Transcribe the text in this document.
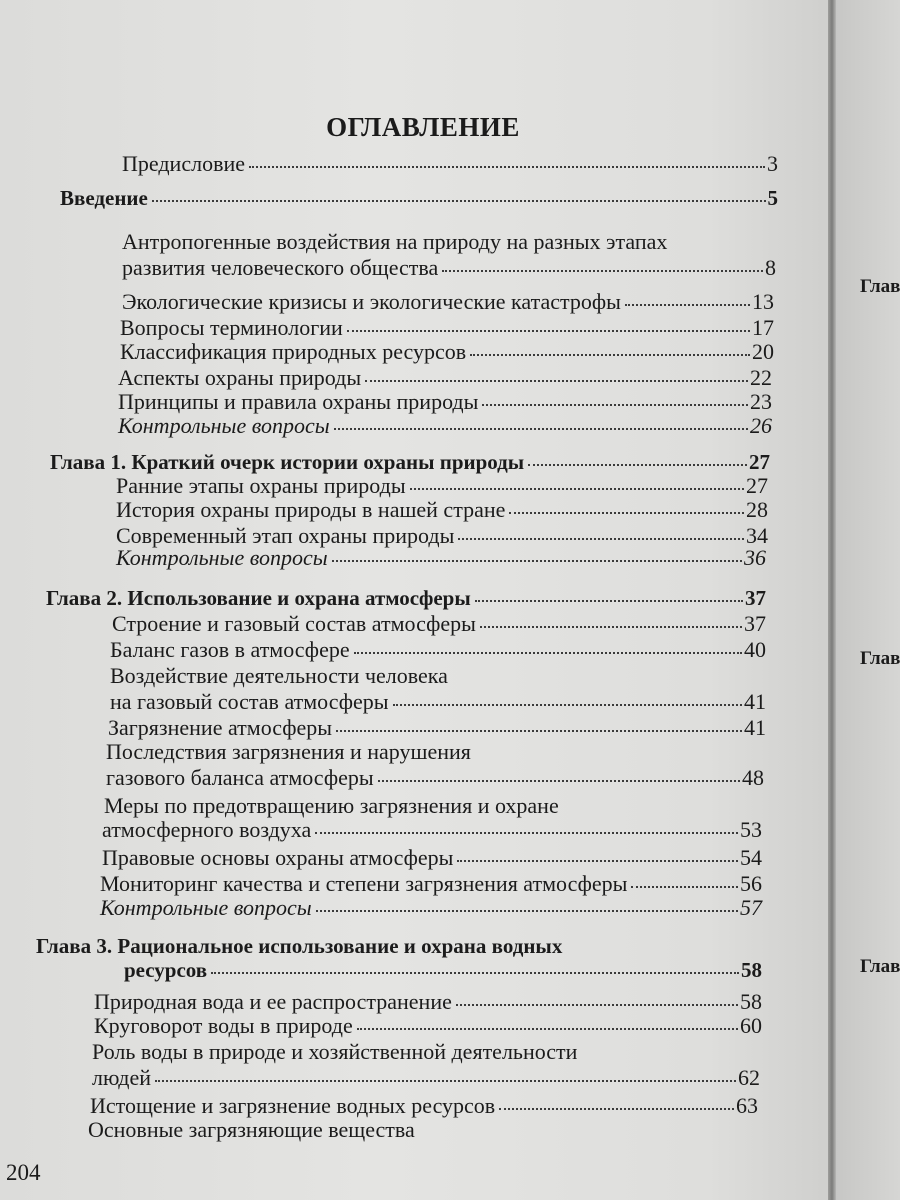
ОГЛАВЛЕНИЕ
Предисловие	3
Введение	5
Антропогенные воздействия на природу на разных этапах
развития человеческого общества	8
Экологические кризисы и экологические катастрофы	13
Вопросы терминологии	17
Классификация природных ресурсов	20
Аспекты охраны природы	22
Принципы и правила охраны природы	23
Контрольные вопросы	26
Глава 1. Краткий очерк истории охраны природы	27
Ранние этапы охраны природы	27
История охраны природы в нашей стране	28
Современный этап охраны природы	34
Контрольные вопросы	36
Глава 2. Использование и охрана атмосферы	37
Строение и газовый состав атмосферы	37
Баланс газов в атмосфере	40
Воздействие деятельности человека
на газовый состав атмосферы	41
Загрязнение атмосферы	41
Последствия загрязнения и нарушения
газового баланса атмосферы	48
Меры по предотвращению загрязнения и охране
атмосферного воздуха	53
Правовые основы охраны атмосферы	54
Мониторинг качества и степени загрязнения атмосферы	56
Контрольные вопросы	57
Глава 3. Рациональное использование и охрана водных
ресурсов	58
Природная вода и ее распространение	58
Круговорот воды в природе	60
Роль воды в природе и хозяйственной деятельности
людей	62
Истощение и загрязнение водных ресурсов	63
Основные загрязняющие вещества
204
Глав
Глав
Глав
